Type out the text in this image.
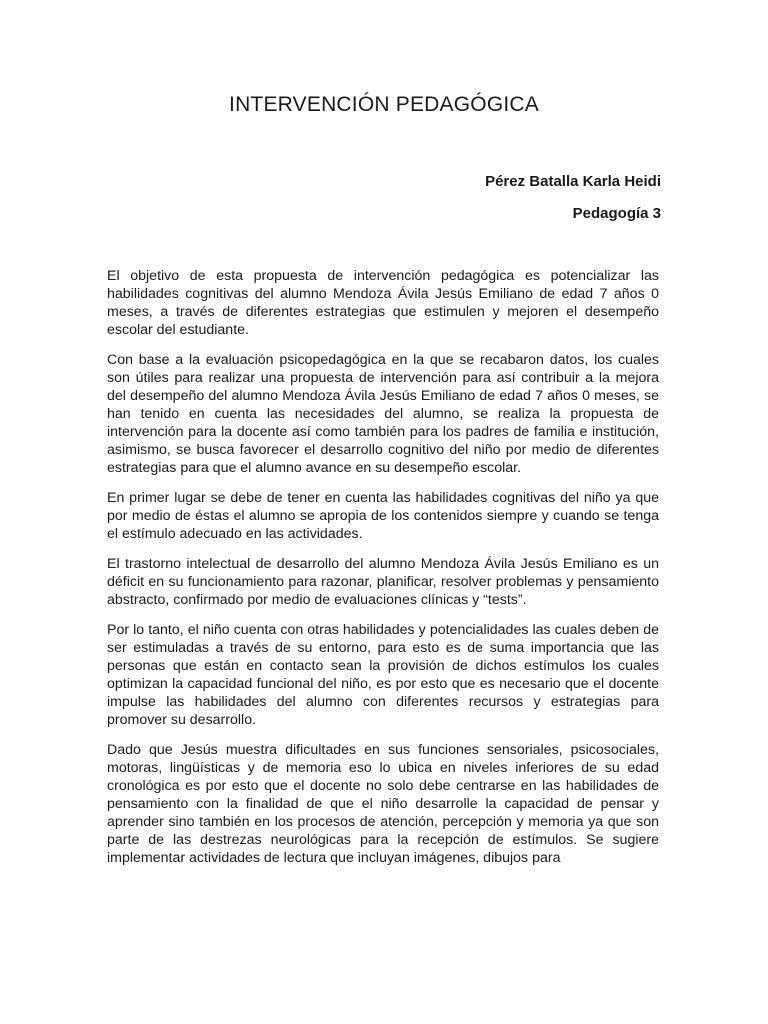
INTERVENCIÓN PEDAGÓGICA
Pérez Batalla Karla Heidi
Pedagogía 3

El objetivo de esta propuesta de intervención pedagógica es potencializar las habilidades cognitivas del alumno Mendoza Ávila Jesús Emiliano de edad 7 años 0 meses, a través de diferentes estrategias que estimulen y mejoren el desempeño escolar del estudiante.

Con base a la evaluación psicopedagógica en la que se recabaron datos, los cuales son útiles para realizar una propuesta de intervención para así contribuir a la mejora del desempeño del alumno Mendoza Ávila Jesús Emiliano de edad 7 años 0 meses, se han tenido en cuenta las necesidades del alumno, se realiza la propuesta de intervención para la docente así como también para los padres de familia e institución, asimismo, se busca favorecer el desarrollo cognitivo del niño por medio de diferentes estrategias para que el alumno avance en su desempeño escolar.

En primer lugar se debe de tener en cuenta las habilidades cognitivas del niño ya que por medio de éstas el alumno se apropia de los contenidos siempre y cuando se tenga el estímulo adecuado en las actividades.

El trastorno intelectual de desarrollo del alumno Mendoza Ávila Jesús Emiliano es un déficit en su funcionamiento para razonar, planificar, resolver problemas y pensamiento abstracto, confirmado por medio de evaluaciones clínicas y “tests”.

Por lo tanto, el niño cuenta con otras habilidades y potencialidades las cuales deben de ser estimuladas a través de su entorno, para esto es de suma importancia que las personas que están en contacto sean la provisión de dichos estímulos los cuales optimizan la capacidad funcional del niño, es por esto que es necesario que el docente impulse las habilidades del alumno con diferentes recursos y estrategias para promover su desarrollo.

Dado que Jesús muestra dificultades en sus funciones sensoriales, psicosociales, motoras, lingüísticas y de memoria eso lo ubica en niveles inferiores de su edad cronológica es por esto que el docente no solo debe centrarse en las habilidades de pensamiento con la finalidad de que el niño desarrolle la capacidad de pensar y aprender sino también en los procesos de atención, percepción y memoria ya que son parte de las destrezas neurológicas para la recepción de estímulos. Se sugiere implementar actividades de lectura que incluyan imágenes, dibujos para
